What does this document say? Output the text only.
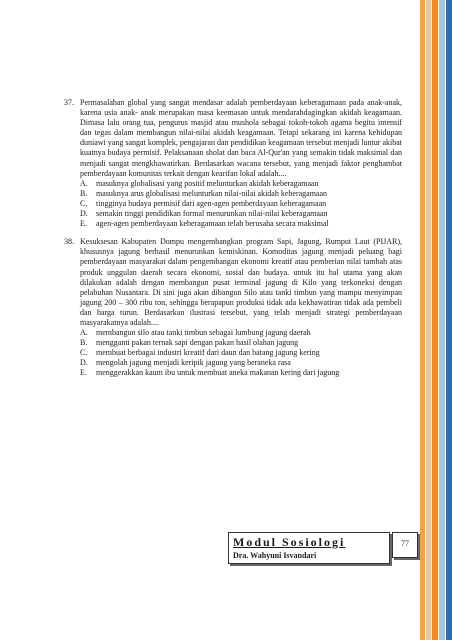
37. Permasalahan global yang sangat mendasar adalah pemberdayaan keberagamaan pada anak-anak, karena usia anak- anak merupakan masa keemasan untuk mendarahdagingkan akidah keagamaan. Dimasa lalu orang tua, pengurus masjid atau mushola sebagai tokoh-tokoh agama begitu intensif dan tegas dalam membangun nilai-nilai akidah keagamaan. Tetapi sekarang ini karena kehidupan duniawi yang sangat komplek, pengajaran dan pendidikan keagamaan tersebut menjadi luntur akibat kuatnya budaya permisif. Pelaksanaan sholat dan baca Al-Qur'an yang semakin tidak maksimal dan menjadi sangat mengkhawatirkan. Berdasarkan wacana tersebut, yang menjadi faktor penghambat pemberdayaan komunitas terkait dengan kearifan lokal adalah....
A.	masuknya globalisasi yang positif melunturkan akidah keberagamaan
B.	masuknya arus globalisasi melunturkan nilai-nilai akidah keberagamaan
C.	tingginya budaya permisif dari agen-agen pemberdayaan keberagamaan
D.	semakin tinggi pendidikan formal menurunkan nilai-nilai keberagamaan
E.	agen-agen pemberdayaan keberagamaan telah berusaha secara maksimal
38. Kesuksesan Kabupaten Dompu mengembangkan program Sapi, Jagung, Rumput Laut (PIJAR), khususnya jagung berhasil menurunkan kemiskinan. Komoditas jagung menjadi peluang bagi pemberdayaan masyarakat dalam pengembangan ekonomi kreatif atau pemberian nilai tambah atas produk unggulan daerah secara ekonomi, sosial dan budaya. untuk itu hal utama yang akan dilakukan adalah dengan membangun pusat terminal jagung di Kilo yang terkoneksi dengan pelabuhan Nusantara. Di sini juga akan dibangun Silo atau tanki timbun yang mampu menyimpan jagung 200 – 300 ribu ton, sehingga berapapun produksi tidak ada kekhawatiran tidak ada pembeli dan harga turun. Berdasarkan ilustrasi tersebut, yang telah menjadi strategi pemberdayaan masyarakatnya adalah....
A.	membangun silo atau tanki timbun sebagai lumbung jagung daerah
B.	mengganti pakan ternak sapi dengan pakan hasil olahan jagung
C.	membuat berbagai industri kreatif dari daun dan batang jagung kering
D.	mengolah jagung menjadi keripik jagung yang beraneka rasa
E.	menggerakkan kaum ibu untuk membuat aneka makanan kering dari jagung
Modul Sosiologi
Dra. Wahyuni Isvandari
77
